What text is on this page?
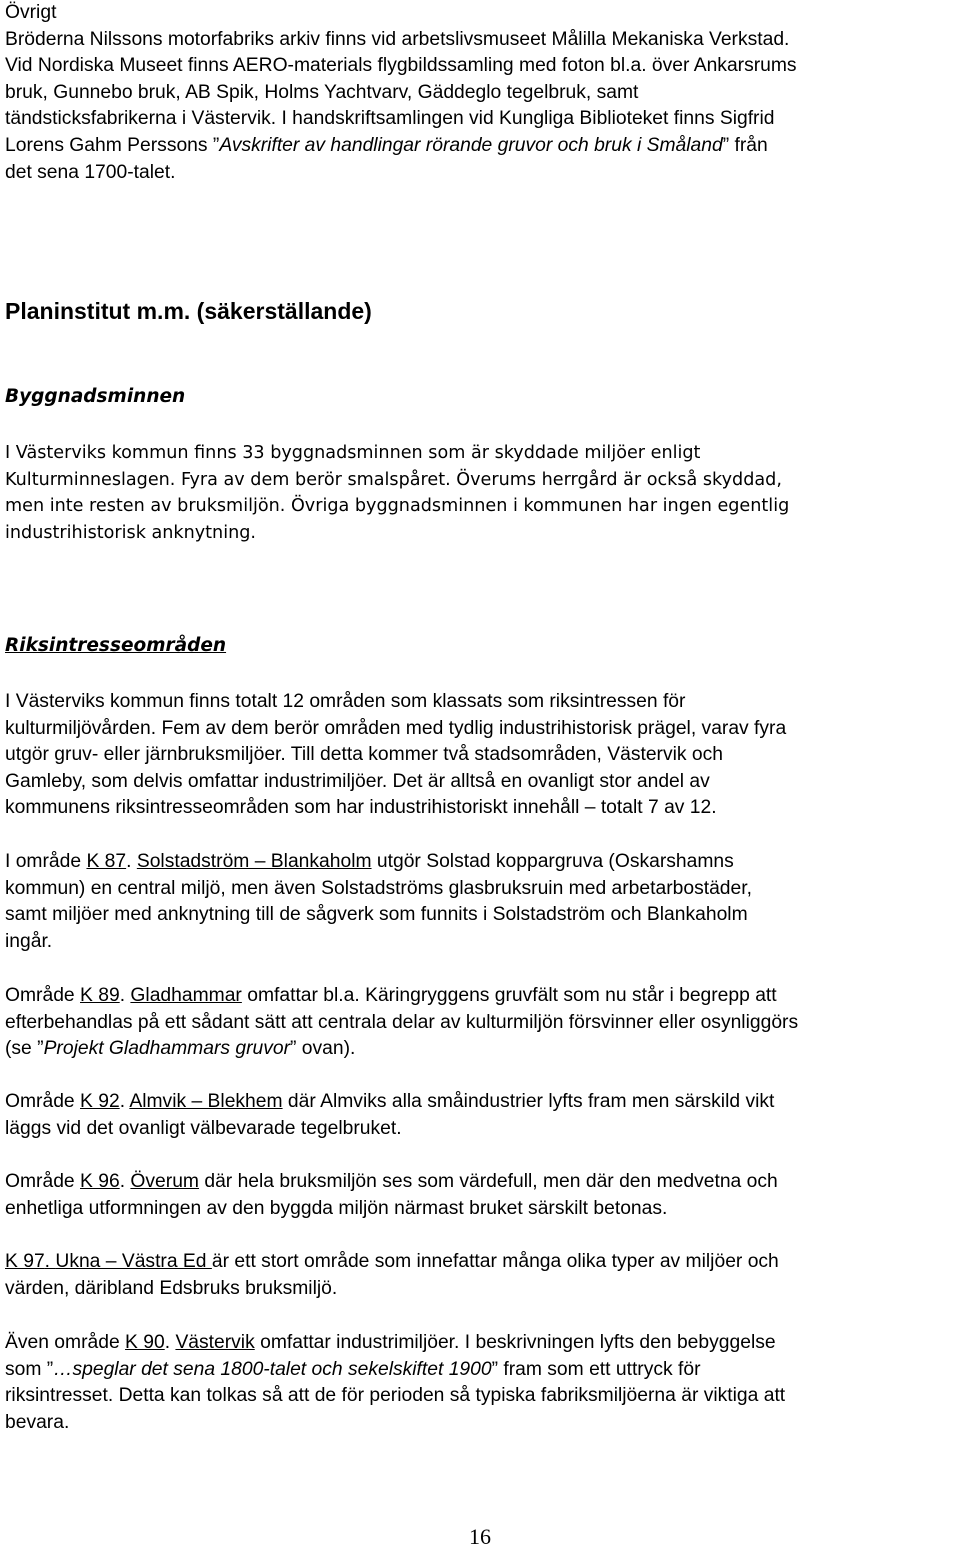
Övrigt
Bröderna Nilssons motorfabriks arkiv finns vid arbetslivsmuseet Målilla Mekaniska Verkstad.
Vid Nordiska Museet finns AERO-materials flygbildssamling med foton bl.a. över Ankarsrums
bruk, Gunnebo bruk, AB Spik, Holms Yachtvarv, Gäddeglo tegelbruk, samt
tändsticksfabrikerna i Västervik. I handskriftsamlingen vid Kungliga Biblioteket finns Sigfrid
Lorens Gahm Perssons ”Avskrifter av handlingar rörande gruvor och bruk i Småland” från
det sena 1700-talet.
Planinstitut m.m. (säkerställande)
Byggnadsminnen
I Västerviks kommun finns 33 byggnadsminnen som är skyddade miljöer enligt
Kulturminneslagen. Fyra av dem berör smalspåret. Överums herrgård är också skyddad,
men inte resten av bruksmiljön. Övriga byggnadsminnen i kommunen har ingen egentlig
industrihistorisk anknytning.
Riksintresseområden
I Västerviks kommun finns totalt 12 områden som klassats som riksintressen för
kulturmiljövården. Fem av dem berör områden med tydlig industrihistorisk prägel, varav fyra
utgör gruv- eller järnbruksmiljöer. Till detta kommer två stadsområden, Västervik och
Gamleby, som delvis omfattar industrimiljöer. Det är alltså en ovanligt stor andel av
kommunens riksintresseområden som har industrihistoriskt innehåll – totalt 7 av 12.
I område K 87. Solstadström – Blankaholm utgör Solstad koppargruva (Oskarshamns
kommun) en central miljö, men även Solstadströms glasbruksruin med arbetarbostäder,
samt miljöer med anknytning till de sågverk som funnits i Solstadström och Blankaholm
ingår.
Område K 89. Gladhammar omfattar bl.a. Käringryggens gruvfält som nu står i begrepp att
efterbehandlas på ett sådant sätt att centrala delar av kulturmiljön försvinner eller osynliggörs
(se ”Projekt Gladhammars gruvor” ovan).
Område K 92. Almvik – Blekhem där Almviks alla småindustrier lyfts fram men särskild vikt
läggs vid det ovanligt välbevarade tegelbruket.
Område K 96. Överum där hela bruksmiljön ses som värdefull, men där den medvetna och
enhetliga utformningen av den byggda miljön närmast bruket särskilt betonas.
K 97. Ukna – Västra Ed är ett stort område som innefattar många olika typer av miljöer och
värden, däribland Edsbruks bruksmiljö.
Även område K 90. Västervik omfattar industrimiljöer. I beskrivningen lyfts den bebyggelse
som ”…speglar det sena 1800-talet och sekelskiftet 1900” fram som ett uttryck för
riksintresset. Detta kan tolkas så att de för perioden så typiska fabriksmiljöerna är viktiga att
bevara.
16
